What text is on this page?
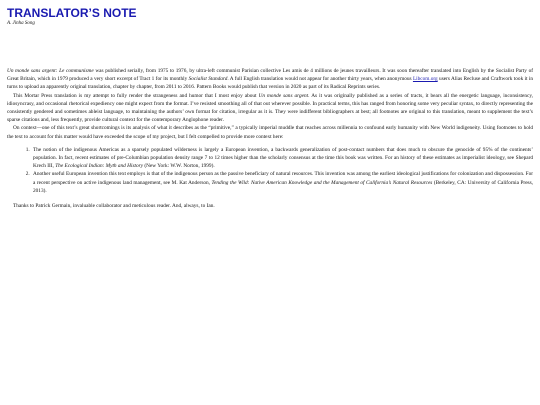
TRANSLATOR’S NOTE
A. Jinha Song

Un monde sans argent: Le communisme was published serially, from 1975 to 1976, by ultra-left communist Parisian collective Les amis de 4 millions de jeunes travailleurs. It was soon thereafter translated into English by the Socialist Party of Great Britain, which in 1979 produced a very short excerpt of Tract 1 for its monthly Socialist Standard. A full English translation would not appear for another thirty years, when anonymous Libcom.org users Alias Recluse and Craftwork took it in turns to upload an apparently original translation, chapter by chapter, from 2011 to 2016. Pattern Books would publish that version in 2020 as part of its Radical Reprints series.

This Mortar Press translation is my attempt to fully render the strangeness and humor that I most enjoy about Un monde sans argent. As it was originally published as a series of tracts, it bears all the energetic language, inconsistency, idiosyncrasy, and occasional rhetorical expediency one might expect from the format. I’ve resisted smoothing all of that out wherever possible. In practical terms, this has ranged from honoring some very peculiar syntax, to directly representing the consistently gendered and sometimes ableist language, to maintaining the authors’ own format for citation, irregular as it is. They were indifferent bibliographers at best; all footnotes are original to this translation, meant to supplement the text’s sparse citations and, less frequently, provide cultural context for the contemporary Anglophone reader.

On context—one of this text’s great shortcomings is its analysis of what it describes as the “primitive,” a typically imperial muddle that reaches across millennia to confound early humanity with New World indigeneity. Using footnotes to hold the text to account for this matter would have exceeded the scope of my project, but I felt compelled to provide more context here:

1. The notion of the indigenous Americas as a sparsely populated wilderness is largely a European invention, a backwards generalization of post-contact numbers that does much to obscure the genocide of 95% of the continents’ population. In fact, recent estimates of pre-Columbian population density range 7 to 12 times higher than the scholarly consensus at the time this book was written. For an history of these estimates as imperialist ideology, see Shepard Krech III, The Ecological Indian: Myth and History (New York: W.W. Norton, 1999).
2. Another useful European invention this text employs is that of the indigenous person as the passive beneficiary of natural resources. This invention was among the earliest ideological justifications for colonization and dispossession. For a recent perspective on active indigenous land management, see M. Kat Anderson, Tending the Wild: Native American Knowledge and the Management of California’s Natural Resources (Berkeley, CA: University of California Press, 2013).

Thanks to Patrick Germain, invaluable collaborator and meticulous reader. And, always, to Ian.
